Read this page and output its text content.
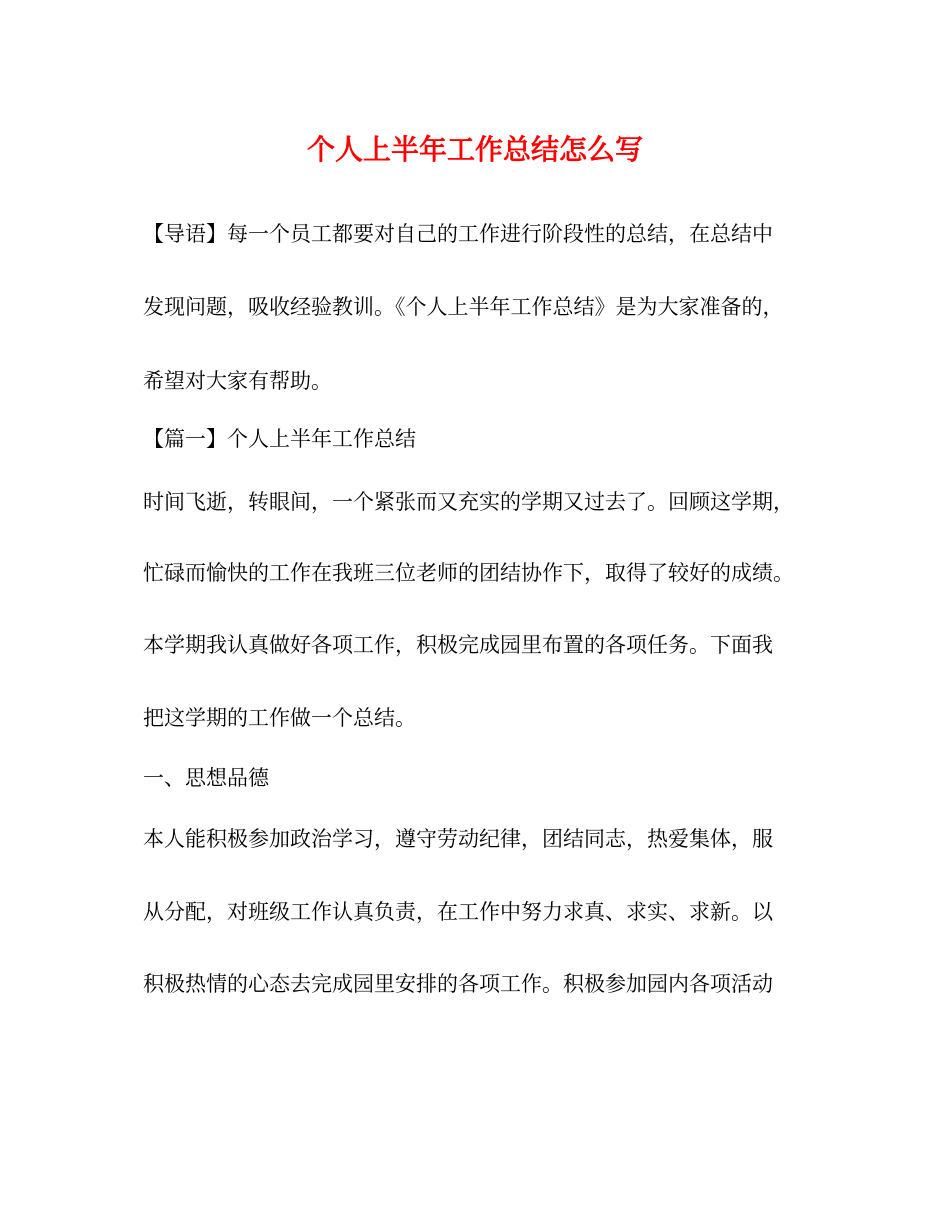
个人上半年工作总结怎么写
【导语】每一个员工都要对自己的工作进行阶段性的总结，在总结中
发现问题，吸收经验教训。《个人上半年工作总结》是为大家准备的，
希望对大家有帮助。
【篇一】个人上半年工作总结
时间飞逝，转眼间，一个紧张而又充实的学期又过去了。回顾这学期，
忙碌而愉快的工作在我班三位老师的团结协作下，取得了较好的成绩。
本学期我认真做好各项工作，积极完成园里布置的各项任务。下面我
把这学期的工作做一个总结。
一、思想品德
本人能积极参加政治学习，遵守劳动纪律，团结同志，热爱集体，服
从分配，对班级工作认真负责，在工作中努力求真、求实、求新。以
积极热情的心态去完成园里安排的各项工作。积极参加园内各项活动
